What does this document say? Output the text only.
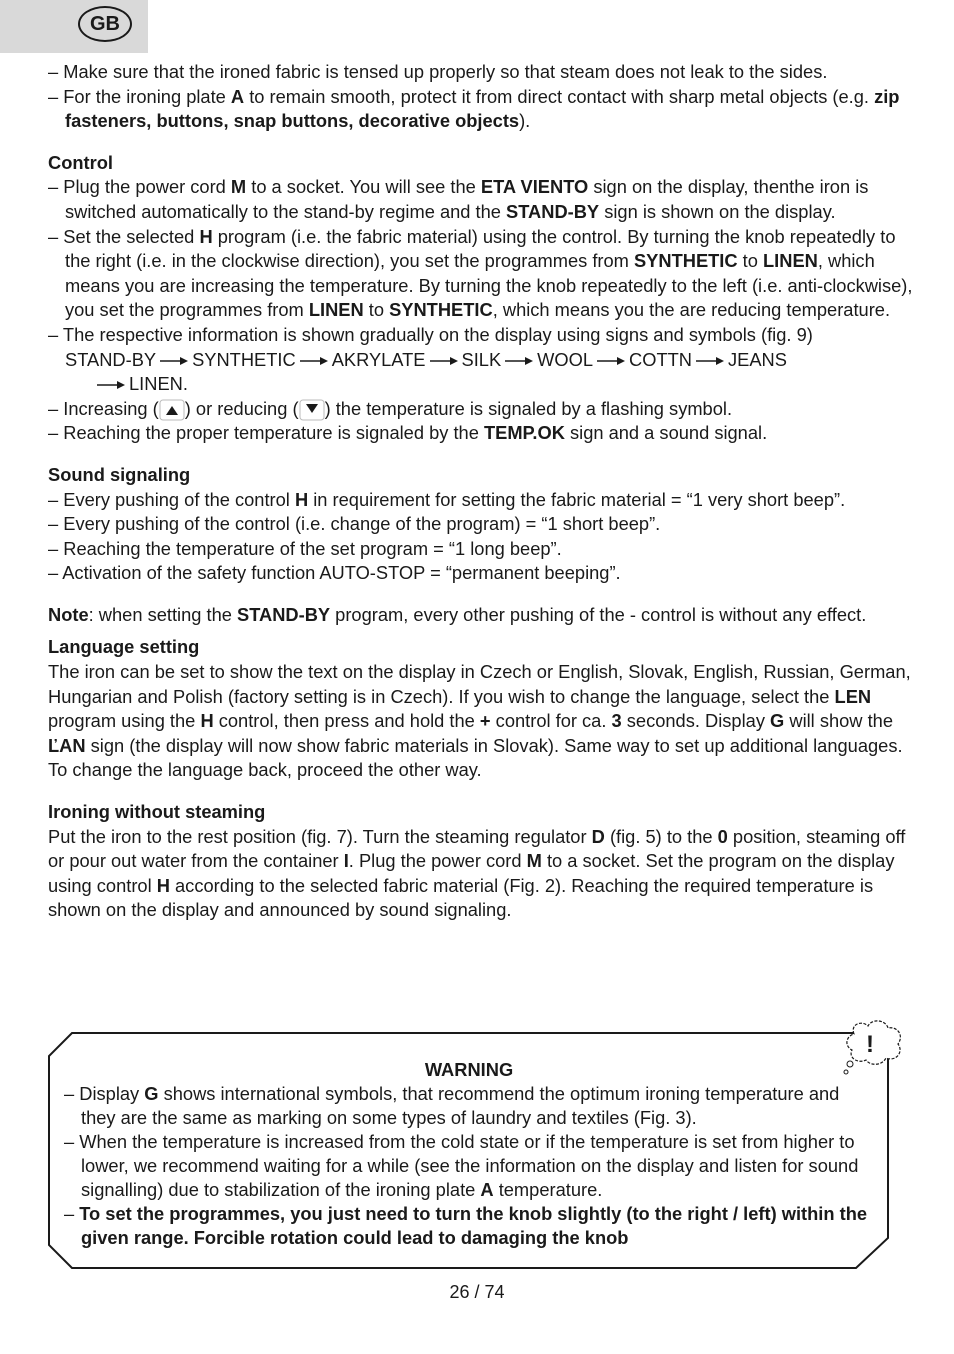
GB

– Make sure that the ironed fabric is tensed up properly so that steam does not leak to the sides.

– For the ironing plate A to remain smooth, protect it from direct contact with sharp metal objects (e.g. zip fasteners, buttons, snap buttons, decorative objects).

Control

– Plug the power cord M to a socket. You will see the ETA VIENTO sign on the display, thenthe iron is switched automatically to the stand-by regime and the STAND-BY sign is shown on the display.

– Set the selected H program (i.e. the fabric material) using the control. By turning the knob repeatedly to the right (i.e. in the clockwise direction), you set the programmes from SYNTHETIC to LINEN, which means you are increasing the temperature. By turning the knob repeatedly to the left (i.e. anti-clockwise), you set the programmes from LINEN to SYNTHETIC, which means you the are reducing temperature.

– The respective information is shown gradually on the display using signs and symbols (fig. 9)

STAND-BY SYNTHETIC AKRYLATE SILK WOOL COTTN JEANS

LINEN.

– Increasing ( ) or reducing ( ) the temperature is signaled by a flashing symbol.

– Reaching the proper temperature is signaled by the TEMP.OK sign and a sound signal.

Sound signaling

– Every pushing of the control H in requirement for setting the fabric material = “1 very short beep”.

– Every pushing of the control (i.e. change of the program) = “1 short beep”.

– Reaching the temperature of the set program = “1 long beep”.

– Activation of the safety function AUTO-STOP = “permanent beeping”.

Note: when setting the STAND-BY program, every other pushing of the - control is without any effect.

Language setting

The iron can be set to show the text on the display in Czech or English, Slovak, English, Russian, German, Hungarian and Polish (factory setting is in Czech). If you wish to change the language, select the LEN program using the H control, then press and hold the + control for ca. 3 seconds. Display G will show the ĽAN sign (the display will now show fabric materials in Slovak). Same way to set up additional languages. To change the language back, proceed the other way.

Ironing without steaming

Put the iron to the rest position (fig. 7). Turn the steaming regulator D (fig. 5) to the 0 position, steaming off or pour out water from the container I. Plug the power cord M to a socket. Set the program on the display using control H according to the selected fabric material (Fig. 2). Reaching the required temperature is shown on the display and announced by sound signaling.

!

WARNING

– Display G shows international symbols, that recommend the optimum ironing temperature and they are the same as marking on some types of laundry and textiles (Fig. 3).

– When the temperature is increased from the cold state or if the temperature is set from higher to lower, we recommend waiting for a while (see the information on the display and listen for sound signalling) due to stabilization of the ironing plate A temperature.

– To set the programmes, you just need to turn the knob slightly (to the right / left) within the given range. Forcible rotation could lead to damaging the knob

26 / 74
